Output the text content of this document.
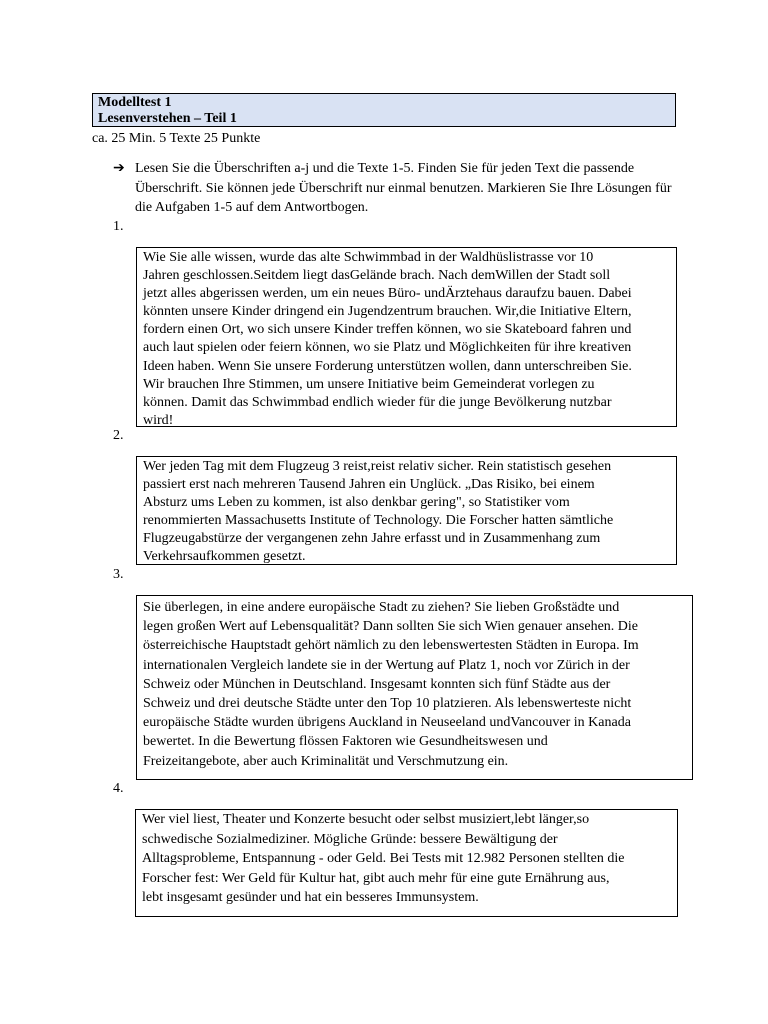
Modelltest 1
Lesenverstehen – Teil 1
ca. 25 Min. 5 Texte 25 Punkte
➔ Lesen Sie die Überschriften a-j und die Texte 1-5. Finden Sie für jeden Text die passende Überschrift. Sie können jede Überschrift nur einmal benutzen. Markieren Sie Ihre Lösungen für die Aufgaben 1-5 auf dem Antwortbogen.
1.
Wie Sie alle wissen, wurde das alte Schwimmbad in der Waldhüslistrasse vor 10
Jahren geschlossen.Seitdem liegt dasGelände brach. Nach demWillen der Stadt soll
jetzt alles abgerissen werden, um ein neues Büro- undÄrztehaus daraufzu bauen. Dabei
könnten unsere Kinder dringend ein Jugendzentrum brauchen. Wir,die Initiative Eltern,
fordern einen Ort, wo sich unsere Kinder treffen können, wo sie Skateboard fahren und
auch laut spielen oder feiern können, wo sie Platz und Möglichkeiten für ihre kreativen
Ideen haben. Wenn Sie unsere Forderung unterstützen wollen, dann unterschreiben Sie.
Wir brauchen Ihre Stimmen, um unsere Initiative beim Gemeinderat vorlegen zu
können. Damit das Schwimmbad endlich wieder für die junge Bevölkerung nutzbar
wird!
2.
Wer jeden Tag mit dem Flugzeug 3 reist,reist relativ sicher. Rein statistisch gesehen
passiert erst nach mehreren Tausend Jahren ein Unglück. „Das Risiko, bei einem
Absturz ums Leben zu kommen, ist also denkbar gering", so Statistiker vom
renommierten Massachusetts Institute of Technology. Die Forscher hatten sämtliche
Flugzeugabstürze der vergangenen zehn Jahre erfasst und in Zusammenhang zum
Verkehrsaufkommen gesetzt.
3.
Sie überlegen, in eine andere europäische Stadt zu ziehen? Sie lieben Großstädte und
legen großen Wert auf Lebensqualität? Dann sollten Sie sich Wien genauer ansehen. Die
österreichische Hauptstadt gehört nämlich zu den lebenswertesten Städten in Europa. Im
internationalen Vergleich landete sie in der Wertung auf Platz 1, noch vor Zürich in der
Schweiz oder München in Deutschland. Insgesamt konnten sich fünf Städte aus der
Schweiz und drei deutsche Städte unter den Top 10 platzieren. Als lebenswerteste nicht
europäische Städte wurden übrigens Auckland in Neuseeland undVancouver in Kanada
bewertet. In die Bewertung flössen Faktoren wie Gesundheitswesen und
Freizeitangebote, aber auch Kriminalität und Verschmutzung ein.
4.
Wer viel liest, Theater und Konzerte besucht oder selbst musiziert,lebt länger,so
schwedische Sozialmediziner. Mögliche Gründe: bessere Bewältigung der
Alltagsprobleme, Entspannung - oder Geld. Bei Tests mit 12.982 Personen stellten die
Forscher fest: Wer Geld für Kultur hat, gibt auch mehr für eine gute Ernährung aus,
lebt insgesamt gesünder und hat ein besseres Immunsystem.
